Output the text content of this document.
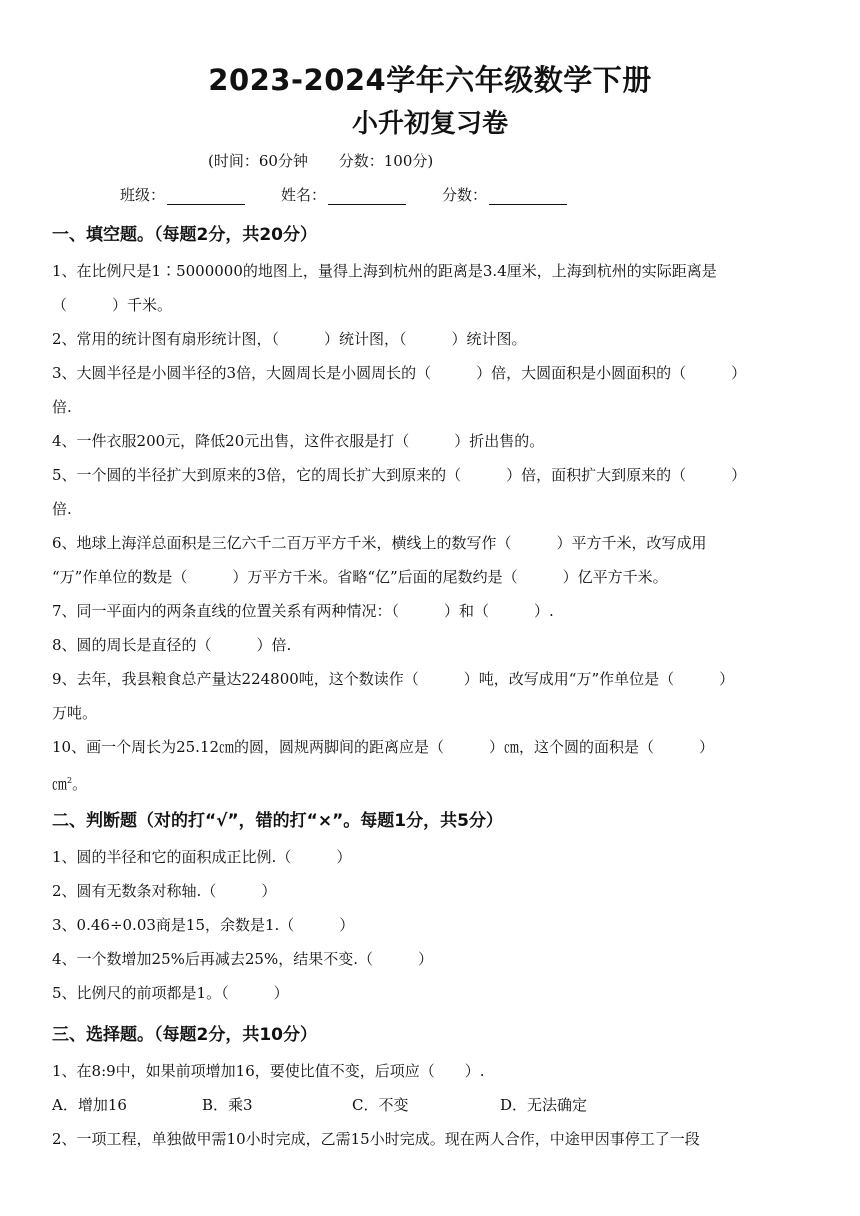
2023-2024学年六年级数学下册
小升初复习卷
(时间：60分钟 分数：100分)
班级：	姓名：	分数：
一、填空题。（每题2分，共20分）
1、在比例尺是1∶5000000的地图上，量得上海到杭州的距离是3.4厘米，上海到杭州的实际距离是
（　　　）千米。
2、常用的统计图有扇形统计图，（　　　）统计图，（　　　）统计图。
3、大圆半径是小圆半径的3倍，大圆周长是小圆周长的（　　　）倍，大圆面积是小圆面积的（　　　）
倍.
4、一件衣服200元，降低20元出售，这件衣服是打（　　　）折出售的。
5、一个圆的半径扩大到原来的3倍，它的周长扩大到原来的（　　　）倍，面积扩大到原来的（　　　）
倍.
6、地球上海洋总面积是三亿六千二百万平方千米，横线上的数写作（　　　）平方千米，改写成用
“万”作单位的数是（　　　）万平方千米。省略“亿”后面的尾数约是（　　　）亿平方千米。
7、同一平面内的两条直线的位置关系有两种情况：（　　　）和（　　　）.
8、圆的周长是直径的（　　　）倍.
9、去年，我县粮食总产量达224800吨，这个数读作（　　　）吨，改写成用“万”作单位是（　　　）
万吨。
10、画一个周长为25.12㎝的圆，圆规两脚间的距离应是（　　　）㎝，这个圆的面积是（　　　）
㎝$^2$。
二、判断题（对的打“√”，错的打“×”。每题1分，共5分）
1、圆的半径和它的面积成正比例.（　　　）
2、圆有无数条对称轴.（　　　）
3、0.46÷0.03商是15，余数是1.（　　　）
4、一个数增加25%后再减去25%，结果不变.（　　　）
5、比例尺的前项都是1。（　　　）
三、选择题。（每题2分，共10分）
1、在8:9中，如果前项增加16，要使比值不变，后项应（　　）.
A．增加16	B．乘3	C．不变	D．无法确定
2、一项工程，单独做甲需10小时完成，乙需15小时完成。现在两人合作，中途甲因事停工了一段
